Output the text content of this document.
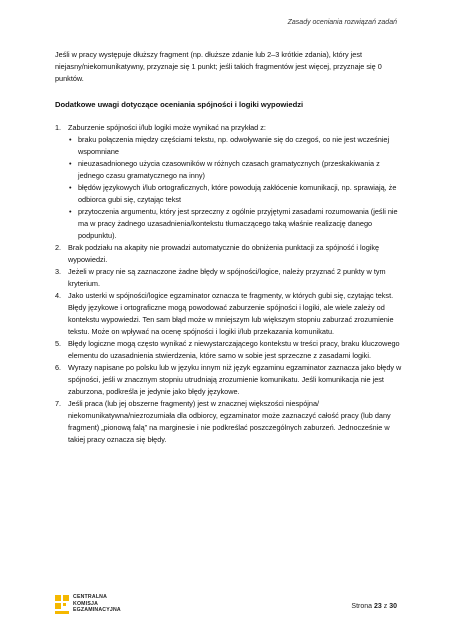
Zasady oceniania rozwiązań zadań
Jeśli w pracy występuje dłuższy fragment (np. dłuższe zdanie lub 2–3 krótkie zdania), który jest niejasny/niekomunikatywny, przyznaje się 1 punkt; jeśli takich fragmentów jest więcej, przyznaje się 0 punktów.
Dodatkowe uwagi dotyczące oceniania spójności i logiki wypowiedzi
1. Zaburzenie spójności i/lub logiki może wynikać na przykład z:
• braku połączenia między częściami tekstu, np. odwoływanie się do czegoś, co nie jest wcześniej wspomniane
• nieuzasadnionego użycia czasowników w różnych czasach gramatycznych (przeskakiwania z jednego czasu gramatycznego na inny)
• błędów językowych i/lub ortograficznych, które powodują zakłócenie komunikacji, np. sprawiają, że odbiorca gubi się, czytając tekst
• przytoczenia argumentu, który jest sprzeczny z ogólnie przyjętymi zasadami rozumowania (jeśli nie ma w pracy żadnego uzasadnienia/kontekstu tłumaczącego taką właśnie realizację danego podpunktu).
2. Brak podziału na akapity nie prowadzi automatycznie do obniżenia punktacji za spójność i logikę wypowiedzi.
3. Jeżeli w pracy nie są zaznaczone żadne błędy w spójności/logice, należy przyznać 2 punkty w tym kryterium.
4. Jako usterki w spójności/logice egzaminator oznacza te fragmenty, w których gubi się, czytając tekst. Błędy językowe i ortograficzne mogą powodować zaburzenie spójności i logiki, ale wiele zależy od kontekstu wypowiedzi. Ten sam błąd może w mniejszym lub większym stopniu zaburzać zrozumienie tekstu. Może on wpływać na ocenę spójności i logiki i/lub przekazania komunikatu.
5. Błędy logiczne mogą często wynikać z niewystarczającego kontekstu w treści pracy, braku kluczowego elementu do uzasadnienia stwierdzenia, które samo w sobie jest sprzeczne z zasadami logiki.
6. Wyrazy napisane po polsku lub w języku innym niż język egzaminu egzaminator zaznacza jako błędy w spójności, jeśli w znacznym stopniu utrudniają zrozumienie komunikatu. Jeśli komunikacja nie jest zaburzona, podkreśla je jedynie jako błędy językowe.
7. Jeśli praca (lub jej obszerne fragmenty) jest w znacznej większości niespójna/ niekomunikatywna/niezrozumiała dla odbiorcy, egzaminator może zaznaczyć całość pracy (lub dany fragment) „pionową falą” na marginesie i nie podkreślać poszczególnych zaburzeń. Jednocześnie w takiej pracy oznacza się błędy.
CENTRALNA
KOMISJA
EGZAMINACYJNA
Strona 23 z 30
